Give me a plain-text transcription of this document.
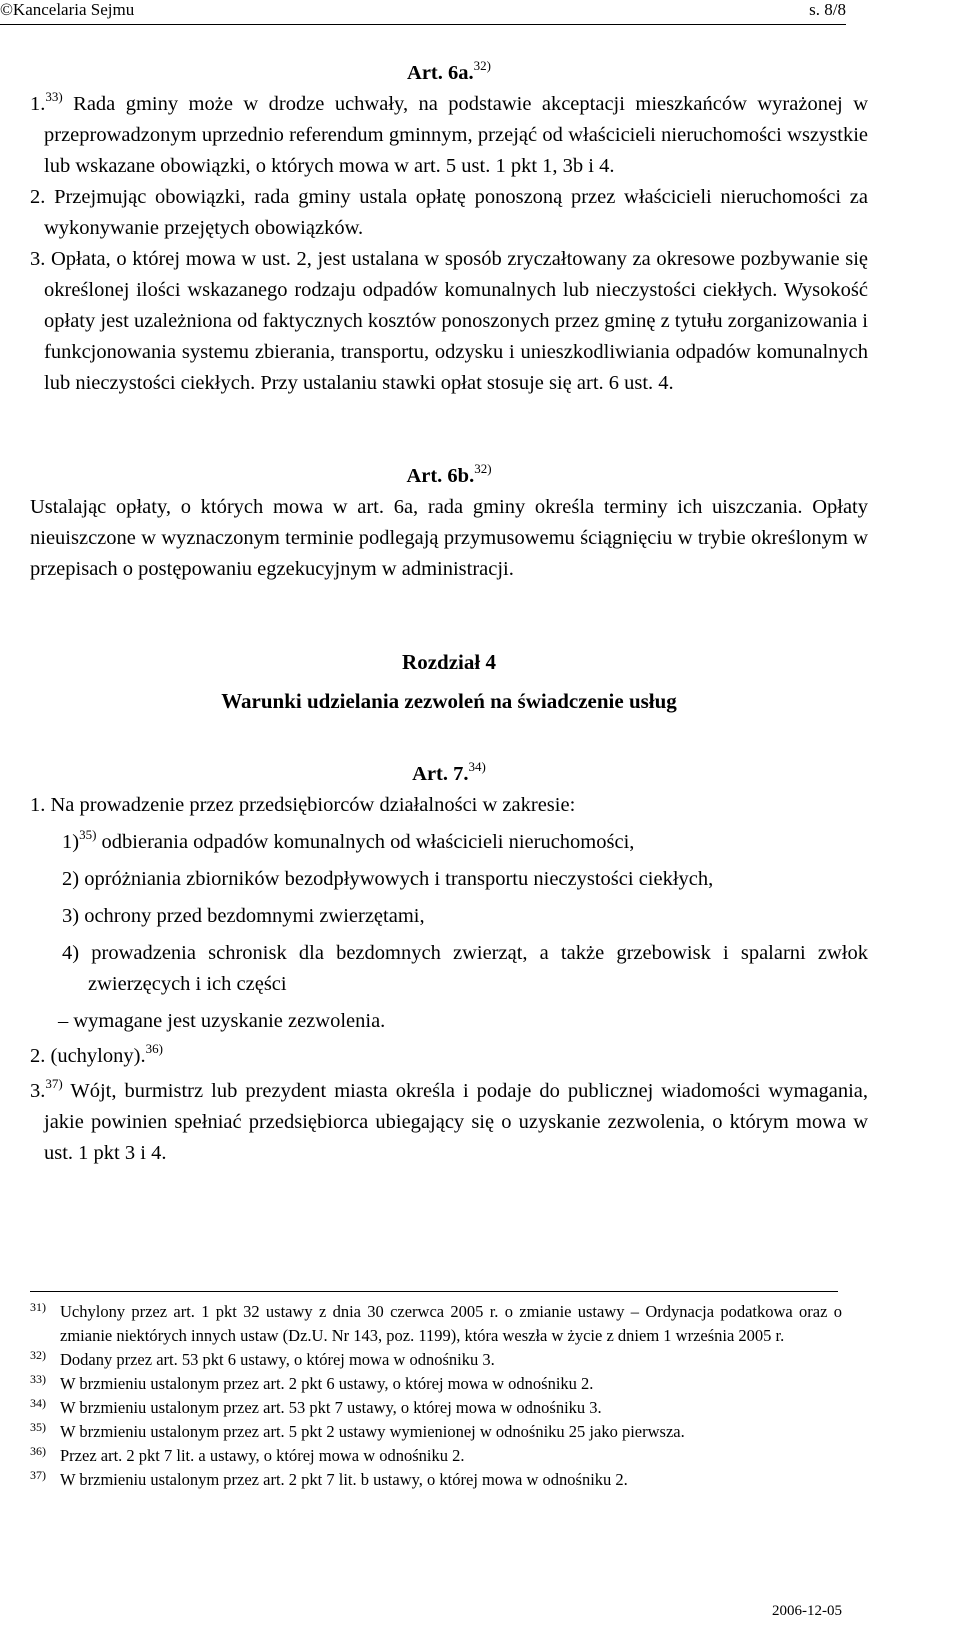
©Kancelaria Sejmu	s. 8/8
Art. 6a.$^{32)}$

1.$^{33)}$ Rada gminy może w drodze uchwały, na podstawie akceptacji mieszkańców wyrażonej w przeprowadzonym uprzednio referendum gminnym, przejąć od właścicieli nieruchomości wszystkie lub wskazane obowiązki, o których mowa w art. 5 ust. 1 pkt 1, 3b i 4.

2. Przejmując obowiązki, rada gminy ustala opłatę ponoszoną przez właścicieli nieruchomości za wykonywanie przejętych obowiązków.

3. Opłata, o której mowa w ust. 2, jest ustalana w sposób zryczałtowany za okresowe pozbywanie się określonej ilości wskazanego rodzaju odpadów komunalnych lub nieczystości ciekłych. Wysokość opłaty jest uzależniona od faktycznych kosztów ponoszonych przez gminę z tytułu zorganizowania i funkcjonowania systemu zbierania, transportu, odzysku i unieszkodliwiania odpadów komunalnych lub nieczystości ciekłych. Przy ustalaniu stawki opłat stosuje się art. 6 ust. 4.

Art. 6b.$^{32)}$

Ustalając opłaty, o których mowa w art. 6a, rada gminy określa terminy ich uiszczania. Opłaty nieuiszczone w wyznaczonym terminie podlegają przymusowemu ściągnięciu w trybie określonym w przepisach o postępowaniu egzekucyjnym w administracji.

Rozdział 4
Warunki udzielania zezwoleń na świadczenie usług
Art. 7.$^{34)}$

1. Na prowadzenie przez przedsiębiorców działalności w zakresie:

1)$^{35)}$ odbierania odpadów komunalnych od właścicieli nieruchomości,

2) opróżniania zbiorników bezodpływowych i transportu nieczystości ciekłych,

3) ochrony przed bezdomnymi zwierzętami,

4) prowadzenia schronisk dla bezdomnych zwierząt, a także grzebowisk i spalarni zwłok zwierzęcych i ich części

– wymagane jest uzyskanie zezwolenia.

2. (uchylony).$^{36)}$

3.$^{37)}$ Wójt, burmistrz lub prezydent miasta określa i podaje do publicznej wiadomości wymagania, jakie powinien spełniać przedsiębiorca ubiegający się o uzyskanie zezwolenia, o którym mowa w ust. 1 pkt 3 i 4.

31) Uchylony przez art. 1 pkt 32 ustawy z dnia 30 czerwca 2005 r. o zmianie ustawy – Ordynacja podatkowa oraz o zmianie niektórych innych ustaw (Dz.U. Nr 143, poz. 1199), która weszła w życie z dniem 1 września 2005 r.
32) Dodany przez art. 53 pkt 6 ustawy, o której mowa w odnośniku 3.
33) W brzmieniu ustalonym przez art. 2 pkt 6 ustawy, o której mowa w odnośniku 2.
34) W brzmieniu ustalonym przez art. 53 pkt 7 ustawy, o której mowa w odnośniku 3.
35) W brzmieniu ustalonym przez art. 5 pkt 2 ustawy wymienionej w odnośniku 25 jako pierwsza.
36) Przez art. 2 pkt 7 lit. a ustawy, o której mowa w odnośniku 2.
37) W brzmieniu ustalonym przez art. 2 pkt 7 lit. b ustawy, o której mowa w odnośniku 2.
2006-12-05
